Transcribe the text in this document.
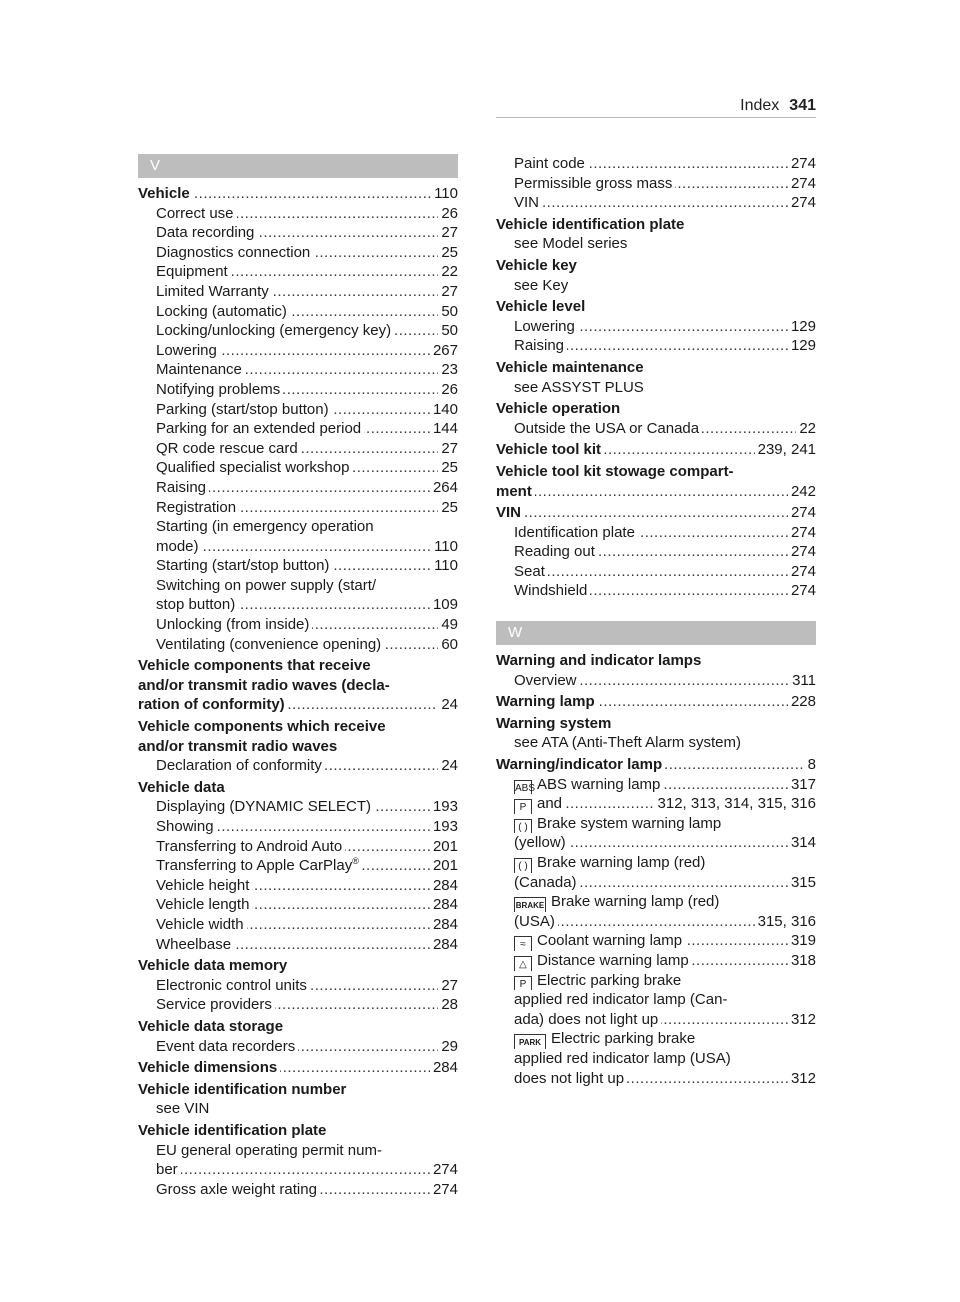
Index 341
V
..... Vehicle	110
..... Correct use	26
..... Data recording	27
..... Diagnostics connection	25
..... Equipment	22
..... Limited Warranty	27
..... Locking (automatic)	50
..... Locking/unlocking (emergency key)	50
..... Lowering	267
..... Maintenance	23
..... Notifying problems	26
..... Parking (start/stop button)	140
..... Parking for an extended period	144
..... QR code rescue card	27
..... Qualified specialist workshop	25
..... Raising	264
..... Registration	25
Starting (in emergency operation
..... mode)	110
..... Starting (start/stop button)	110
Switching on power supply (start/
..... stop button)	109
..... Unlocking (from inside)	49
..... Ventilating (convenience opening)	60
Vehicle components that receive
and/or transmit radio waves (decla-
..... ration of conformity)	24
Vehicle components which receive
and/or transmit radio waves
..... Declaration of conformity	24
Vehicle data
..... Displaying (DYNAMIC SELECT)	193
..... Showing	193
..... Transferring to Android Auto	201
..... Transferring to Apple CarPlay®	201
..... Vehicle height	284
..... Vehicle length	284
..... Vehicle width	284
..... Wheelbase	284
Vehicle data memory
..... Electronic control units	27
..... Service providers	28
Vehicle data storage
..... Event data recorders	29
..... Vehicle dimensions	284
Vehicle identification number
see VIN
Vehicle identification plate
EU general operating permit num-
..... ber	274
..... Gross axle weight rating	274
..... Paint code	274
..... Permissible gross mass	274
..... VIN	274
Vehicle identification plate
see Model series
Vehicle key
see Key
Vehicle level
..... Lowering	129
..... Raising	129
Vehicle maintenance
see ASSYST PLUS
Vehicle operation
..... Outside the USA or Canada	22
..... Vehicle tool kit	239, 241
Vehicle tool kit stowage compart-
..... ment	242
..... VIN	274
..... Identification plate	274
..... Reading out	274
..... Seat	274
..... Windshield	274
W
Warning and indicator lamps
..... Overview	311
..... Warning lamp	228
Warning system
see ATA (Anti-Theft Alarm system)
..... Warning/indicator lamp	8
..... ABS ABS warning lamp	317
..... P and	312, 313, 314, 315, 316
( ) Brake system warning lamp
..... (yellow)	314
( ) Brake warning lamp (red)
..... (Canada)	315
BRAKE Brake warning lamp (red)
..... (USA)	315, 316
..... ≈ Coolant warning lamp	319
..... △ Distance warning lamp	318
P Electric parking brake
applied red indicator lamp (Can-
..... ada) does not light up	312
PARK Electric parking brake
applied red indicator lamp (USA)
..... does not light up	312
